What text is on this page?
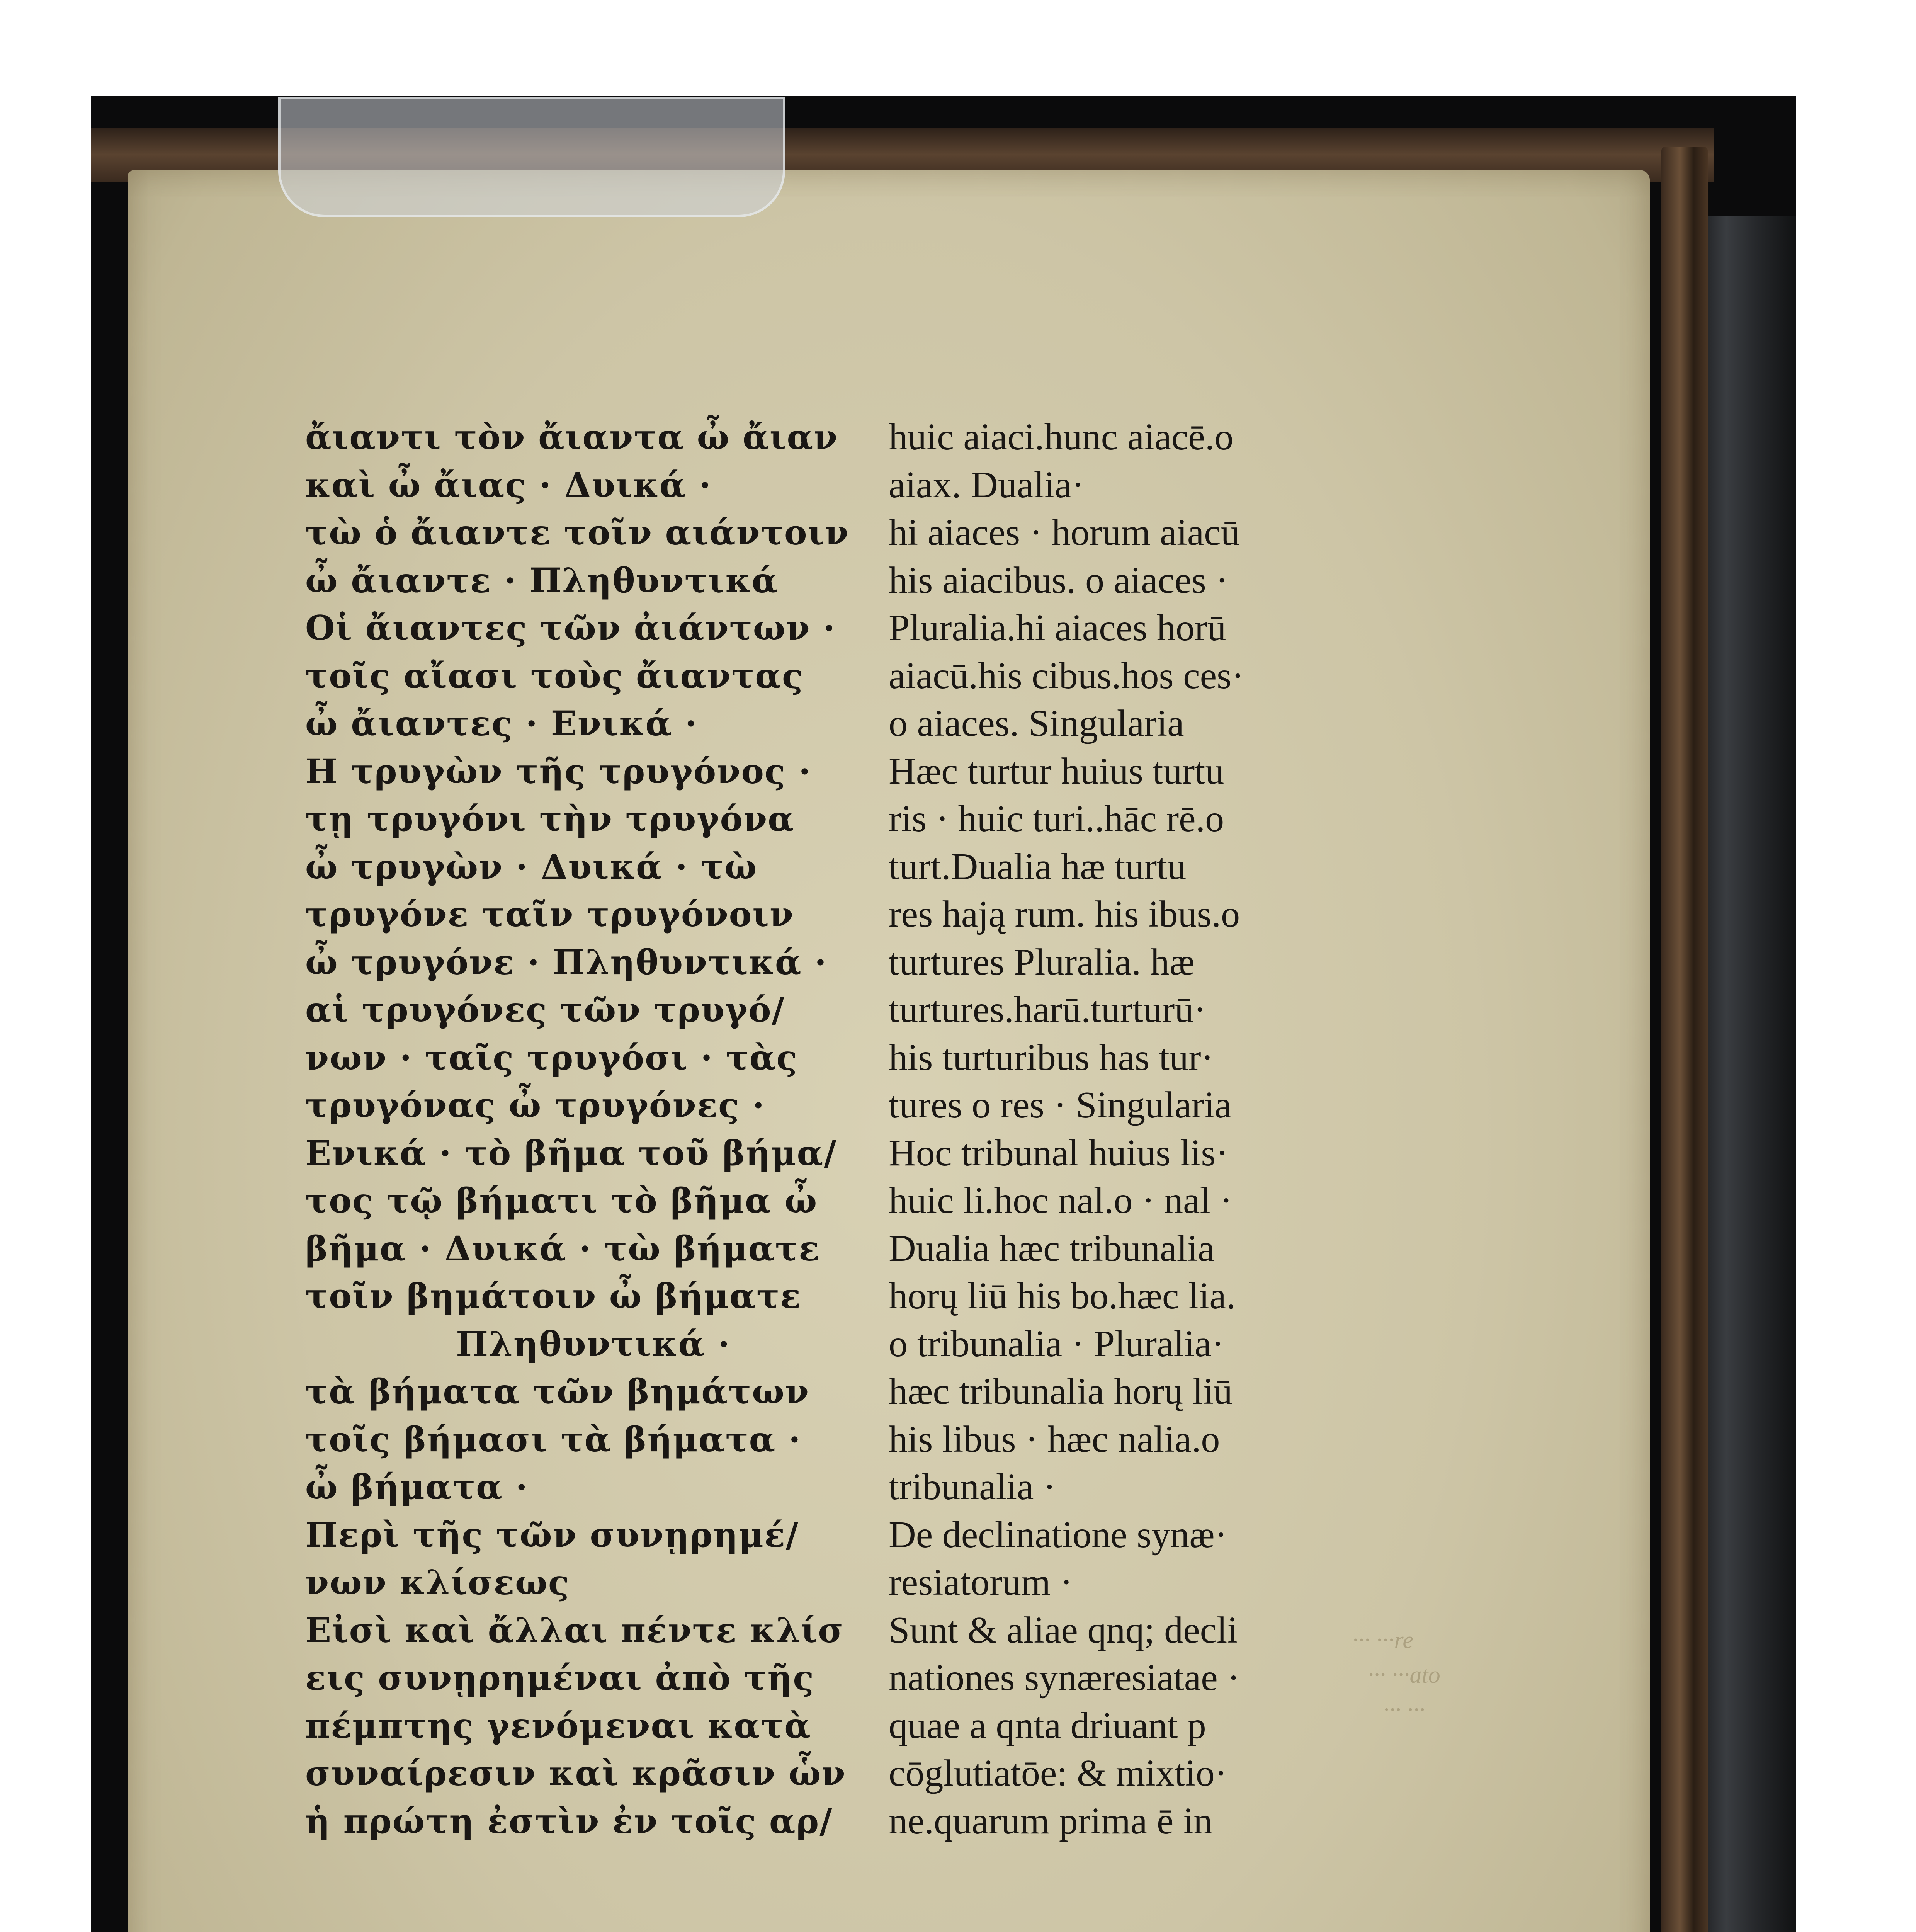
ἄιαντι τὸν ἄιαντα ὦ ἄιαν
καὶ ὦ ἄιας · Δυικά ·
τὼ ὁ ἄιαντε τοῖν αιάντοιν
ὦ ἄιαντε · Πληθυντικά
Οἱ ἄιαντες τῶν ἀιάντων ·
τοῖς αἴασι τοὺς ἄιαντας
ὦ ἄιαντες · Ενικά ·
Η τρυγὼν τῆς τρυγόνος ·
τῃ τρυγόνι τὴν τρυγόνα
ὦ τρυγὼν · Δυικά · τὼ
τρυγόνε ταῖν τρυγόνοιν
ὦ τρυγόνε · Πληθυντικά ·
αἱ τρυγόνες τῶν τρυγό/
νων · ταῖς τρυγόσι · τὰς
τρυγόνας ὦ τρυγόνες ·
Ενικά · τὸ βῆμα τοῦ βήμα/
τος τῷ βήματι τὸ βῆμα ὦ
βῆμα · Δυικά · τὼ βήματε
τοῖν βημάτοιν ὦ βήματε
Πληθυντικά ·
τὰ βήματα τῶν βημάτων
τοῖς βήμασι τὰ βήματα ·
ὦ βήματα ·
Περὶ τῆς τῶν συνῃρημέ/
νων κλίσεως
Εἰσὶ καὶ ἄλλαι πέντε κλίσ
εις συνῃρημέναι ἀπὸ τῆς
πέμπτης γενόμεναι κατὰ
συναίρεσιν καὶ κρᾶσιν ὧν
ἡ πρώτη ἐστὶν ἐν τοῖς αρ/
huic aiaci.hunc aiacē.o
aiax. Dualia·
hi aiaces · horum aiacū
his aiacibus. o aiaces ·
Pluralia.hi aiaces horū
aiacū.his cibus.hos ces·
o aiaces. Singularia
Hæc turtur huius turtu
ris · huic turi..hāc rē.o
turt.Dualia hæ turtu
res hają rum. his ibus.o
turtures Pluralia. hæ
turtures.harū.turturū·
his turturibus has tur·
tures o res · Singularia
Hoc tribunal huius lis·
huic li.hoc nal.o · nal ·
Dualia hæc tribunalia
horų liū his bo.hæc lia.
o tribunalia · Pluralia·
hæc tribunalia horų liū
his libus · hæc nalia.o
tribunalia ·
De declinatione synæ·
resiatorum ·
Sunt & aliae qnq; decli
nationes synæresiatae ·
quae a qnta driuant p
cōglutiatōe: & mixtio·
ne.quarum prima ē in
··· ···re
··· ···ato
··· ···
